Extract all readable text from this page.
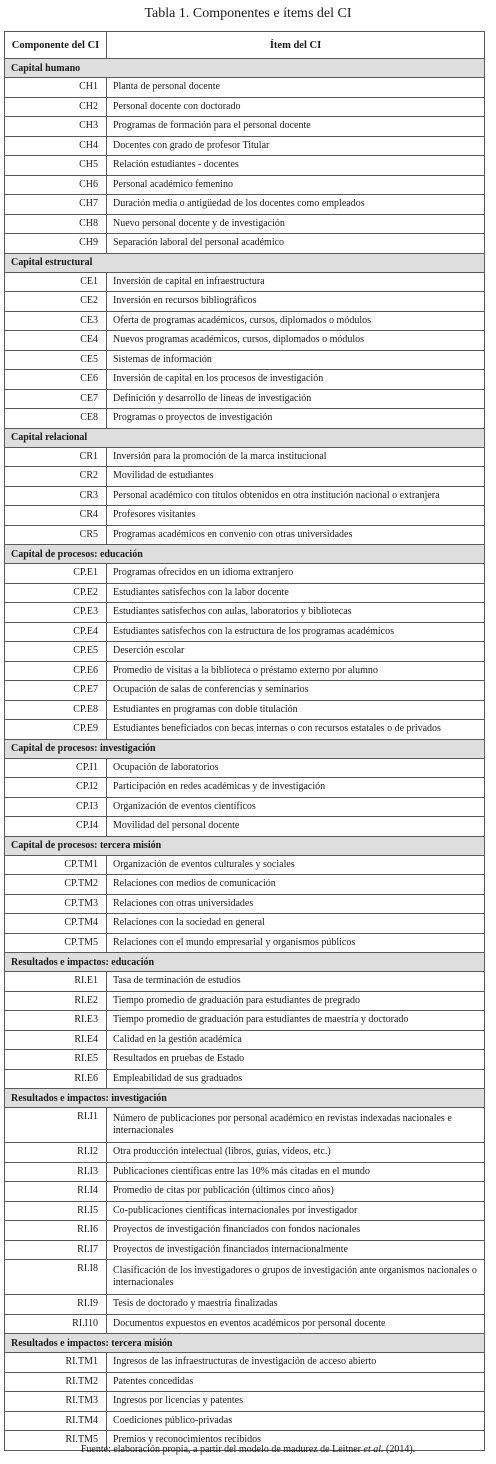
Tabla 1. Componentes e ítems del CI
Componente del CI	Ítem del CI
Capital humano	
CH1	Planta de personal docente
CH2	Personal docente con doctorado
CH3	Programas de formación para el personal docente
CH4	Docentes con grado de profesor Titular
CH5	Relación estudiantes - docentes
CH6	Personal académico femenino
CH7	Duración media o antigüedad de los docentes como empleados
CH8	Nuevo personal docente y de investigación
CH9	Separación laboral del personal académico
Capital estructural	
CE1	Inversión de capital en infraestructura
CE2	Inversión en recursos bibliográficos
CE3	Oferta de programas académicos, cursos, diplomados o módulos
CE4	Nuevos programas académicos, cursos, diplomados o módulos
CE5	Sistemas de información
CE6	Inversión de capital en los procesos de investigación
CE7	Definición y desarrollo de líneas de investigación
CE8	Programas o proyectos de investigación
Capital relacional	
CR1	Inversión para la promoción de la marca institucional
CR2	Movilidad de estudiantes
CR3	Personal académico con títulos obtenidos en otra institución nacional o extranjera
CR4	Profesores visitantes
CR5	Programas académicos en convenio con otras universidades
Capital de procesos: educación	
CP.E1	Programas ofrecidos en un idioma extranjero
CP.E2	Estudiantes satisfechos con la labor docente
CP.E3	Estudiantes satisfechos con aulas, laboratorios y bibliotecas
CP.E4	Estudiantes satisfechos con la estructura de los programas académicos
CP.E5	Deserción escolar
CP.E6	Promedio de visitas a la biblioteca o préstamo externo por alumno
CP.E7	Ocupación de salas de conferencias y seminarios
CP.E8	Estudiantes en programas con doble titulación
CP.E9	Estudiantes beneficiados con becas internas o con recursos estatales o de privados
Capital de procesos: investigación	
CP.I1	Ocupación de laboratorios
CP.I2	Participación en redes académicas y de investigación
CP.I3	Organización de eventos científicos
CP.I4	Movilidad del personal docente
Capital de procesos: tercera misión	
CP.TM1	Organización de eventos culturales y sociales
CP.TM2	Relaciones con medios de comunicación
CP.TM3	Relaciones con otras universidades
CP.TM4	Relaciones con la sociedad en general
CP.TM5	Relaciones con el mundo empresarial y organismos públicos
Resultados e impactos: educación	
RI.E1	Tasa de terminación de estudios
RI.E2	Tiempo promedio de graduación para estudiantes de pregrado
RI.E3	Tiempo promedio de graduación para estudiantes de maestría y doctorado
RI.E4	Calidad en la gestión académica
RI.E5	Resultados en pruebas de Estado
RI.E6	Empleabilidad de sus graduados
Resultados e impactos: investigación	
RI.I1	Número de publicaciones por personal académico en revistas indexadas nacionales e internacionales
RI.I2	Otra producción intelectual (libros, guías, videos, etc.)
RI.I3	Publicaciones científicas entre las 10% más citadas en el mundo
RI.I4	Promedio de citas por publicación (últimos cinco años)
RI.I5	Co-publicaciones científicas internacionales por investigador
RI.I6	Proyectos de investigación financiados con fondos nacionales
RI.I7	Proyectos de investigación financiados internacionalmente
RI.I8	Clasificación de los investigadores o grupos de investigación ante organismos nacionales o internacionales
RI.I9	Tesis de doctorado y maestría finalizadas
RI.I10	Documentos expuestos en eventos académicos por personal docente
Resultados e impactos: tercera misión	
RI.TM1	Ingresos de las infraestructuras de investigación de acceso abierto
RI.TM2	Patentes concedidas
RI.TM3	Ingresos por licencias y patentes
RI.TM4	Coediciones público-privadas
RI.TM5	Premios y reconocimientos recibidos
Fuente: elaboración propia, a partir del modelo de madurez de Leitner et al. (2014).
